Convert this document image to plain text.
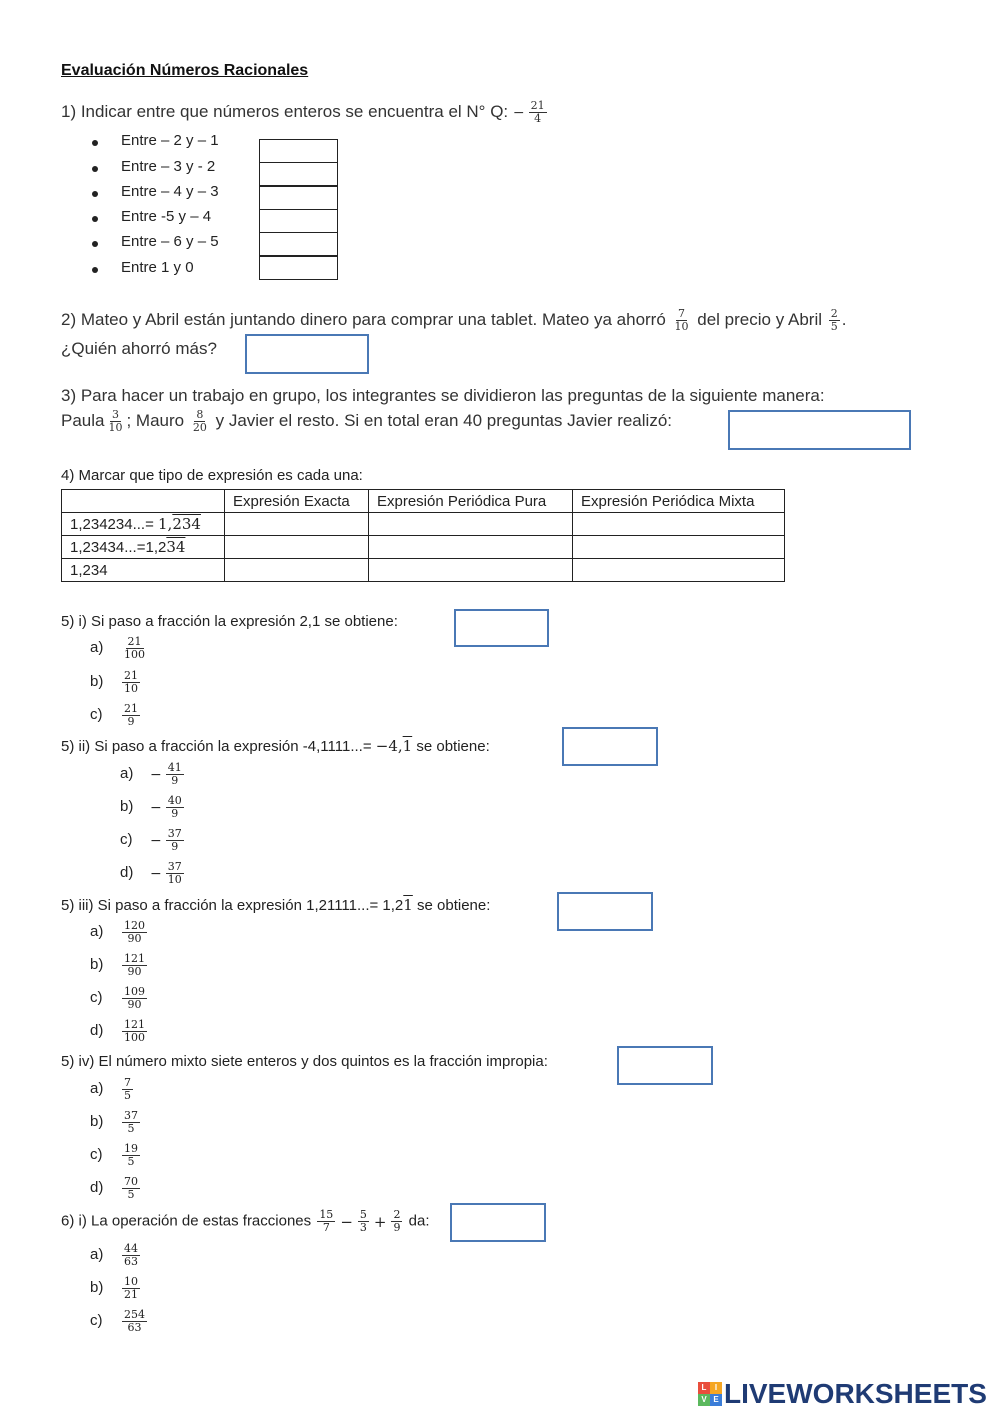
Evaluación Números Racionales
1) Indicar entre que números enteros se encuentra el N° Q: − $\frac{21}{4}$
Entre – 2 y – 1
Entre – 3 y - 2
Entre – 4 y – 3
Entre -5 y – 4
Entre – 6 y – 5
Entre 1 y 0
2) Mateo y Abril están juntando dinero para comprar una tablet. Mateo ya ahorró $\frac{7}{10}$ del precio y Abril $\frac{2}{5}$ .
¿Quién ahorró más?
3) Para hacer un trabajo en grupo, los integrantes se dividieron las preguntas de la siguiente manera:
Paula $\frac{3}{10}$ ; Mauro $\frac{8}{20}$ y Javier el resto. Si en total eran 40 preguntas Javier realizó:
4) Marcar que tipo de expresión es cada una:
	Expresión Exacta	Expresión Periódica Pura	Expresión Periódica Mixta
1,234234...= 1,234			
1,23434...=1,234			
1,234			
5) i) Si paso a fracción la expresión 2,1 se obtiene:
$a) \frac{21}{100}$
$b) \frac{21}{10}$
$c) \frac{21}{9}$
5) ii) Si paso a fracción la expresión -4,1111...= −4,1 se obtiene:
$a) - \frac{41}{9}$
$b) - \frac{40}{9}$
$c) - \frac{37}{9}$
$d) - \frac{37}{10}$
5) iii) Si paso a fracción la expresión 1,21111...= 1,21 se obtiene:
$a) \frac{120}{90}$
$b) \frac{121}{90}$
$c) \frac{109}{90}$
$d) \frac{121}{100}$
5) iv) El número mixto siete enteros y dos quintos es la fracción impropia:
$a) \frac{7}{5}$
$b) \frac{37}{5}$
$c) \frac{19}{5}$
$d) \frac{70}{5}$
6) i) La operación de estas fracciones $\frac{15}{7} - \frac{5}{3} + \frac{2}{9}$ da:
$a) \frac{44}{63}$
$b) \frac{10}{21}$
$c) \frac{254}{63}$
L	I
V E LIVEWORKSHEETS
